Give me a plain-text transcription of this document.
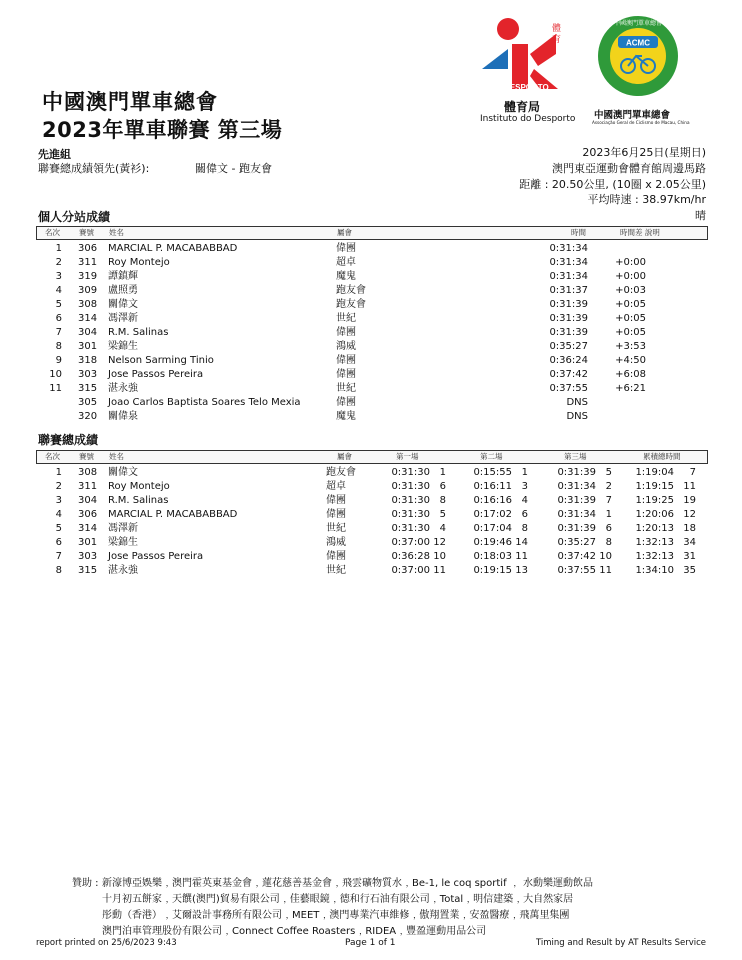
DESPORTO
體育
體育局
Instituto do Desporto
ACMC
中國澳門單車總會
中國澳門單車總會
Associação Geral de Ciclismo de Macau, China
中國澳門單車總會
2023年單車聯賽 第三場
先進組
聯賽總成績領先(黃衫):	關偉文 - 跑友會
2023年6月25日(星期日)
澳門東亞運動會體育館周邊馬路
距離 : 20.50公里, (10圈 x 2.05公里)
平均時速 : 38.97km/hr
晴
個人分站成績
名次	賽號 姓名	屬會	時間	時間差 說明
1 306 MARCIAL P. MACABABBAD	偉團	0:31:34
2 311 Roy Montejo	超卓	0:31:34	+0:00
3 319 譚鎮輝	魔鬼	0:31:34	+0:00
4 309 盧照勇	跑友會	0:31:37	+0:03
5 308 關偉文	跑友會	0:31:39	+0:05
6 314 馮澤新	世紀	0:31:39	+0:05
7 304 R.M. Salinas	偉團	0:31:39	+0:05
8 301 梁錦生	鴻威	0:35:27	+3:53
9 318 Nelson Sarming Tinio	偉團	0:36:24	+4:50
10 303 Jose Passos Pereira	偉團	0:37:42	+6:08
11 315 湛永強	世紀	0:37:55	+6:21
305 Joao Carlos Baptista Soares Telo Mexia	偉團	DNS
320 關偉泉	魔鬼	DNS
聯賽總成績
名次	賽號 姓名	屬會	第一場	第二場	第三場	累積總時間
1 308 關偉文	跑友會	0:31:30 1	0:15:55 1	0:31:39 5	1:19:04	7
2 311 Roy Montejo	超卓	0:31:30 6	0:16:11 3	0:31:34 2	1:19:15 11
3 304 R.M. Salinas	偉團	0:31:30 8	0:16:16 4	0:31:39 7	1:19:25 19
4 306 MARCIAL P. MACABABBAD	偉團	0:31:30 5	0:17:02 6	0:31:34 1	1:20:06 12
5 314 馮澤新	世紀	0:31:30 4	0:17:04 8	0:31:39 6	1:20:13 18
6 301 梁錦生	鴻威	0:37:00 12	0:19:46 14	0:35:27 8	1:32:13 34
7 303 Jose Passos Pereira	偉團	0:36:28 10	0:18:03 11	0:37:42 10	1:32:13 31
8 315 湛永強	世紀	0:37:00 11	0:19:15 13	0:37:55 11	1:34:10 35
贊助 : 新濠博亞娛樂﹐澳門霍英東基金會﹐蓮花慈善基金會﹐飛雲礦物質水﹐Be-1, le coq sportif ﹐ 水動樂運動飲品
十月初五餅家﹐天饌(澳門)貿易有限公司﹐佳藝眼鏡﹐德和行石油有限公司﹐Total﹐明信建築﹐大自然家居
彤動（香港）﹐艾爾設計事務所有限公司﹐MEET﹐澳門專業汽車維修﹐傲翔置業﹐安盈醫療﹐飛萬里集團
澳門泊車管理股份有限公司﹐Connect Coffee Roasters﹐RIDEA﹐豐盈運動用品公司
report printed on 25/6/2023 9:43	Page 1 of 1	Timing and Result by AT Results Service
